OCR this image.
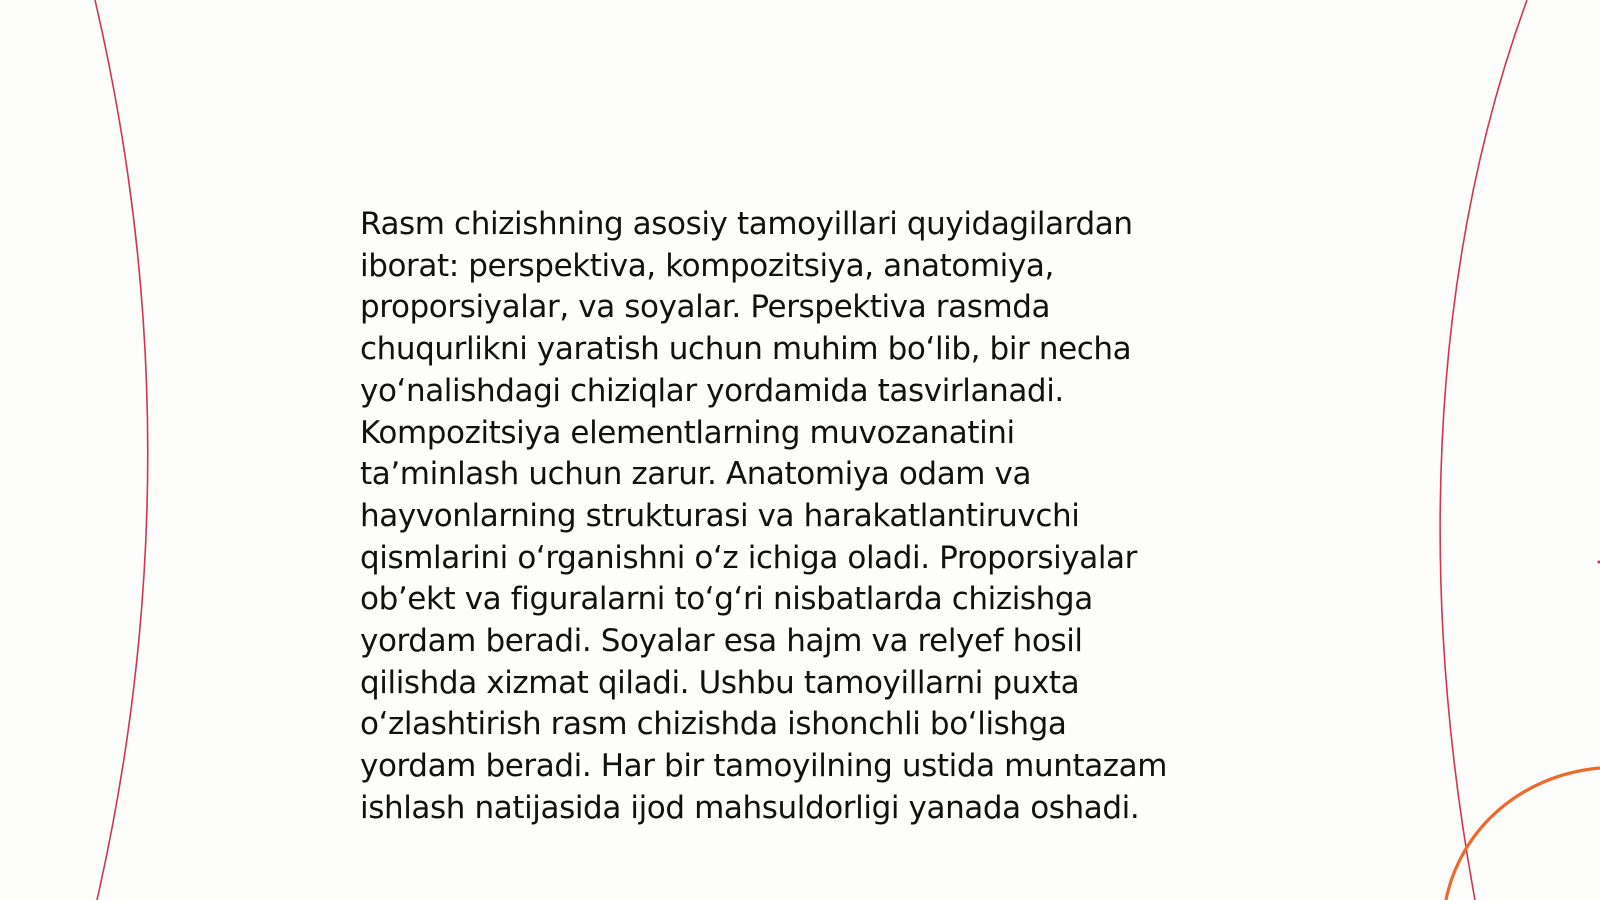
Rasm chizishning asosiy tamoyillari quyidagilardan
iborat: perspektiva, kompozitsiya, anatomiya,
proporsiyalar, va soyalar. Perspektiva rasmda
chuqurlikni yaratish uchun muhim bo‘lib, bir necha
yo‘nalishdagi chiziqlar yordamida tasvirlanadi.
Kompozitsiya elementlarning muvozanatini
ta’minlash uchun zarur. Anatomiya odam va
hayvonlarning strukturasi va harakatlantiruvchi
qismlarini o‘rganishni o‘z ichiga oladi. Proporsiyalar
ob’ekt va figuralarni to‘g‘ri nisbatlarda chizishga
yordam beradi. Soyalar esa hajm va relyef hosil
qilishda xizmat qiladi. Ushbu tamoyillarni puxta
o‘zlashtirish rasm chizishda ishonchli bo‘lishga
yordam beradi. Har bir tamoyilning ustida muntazam
ishlash natijasida ijod mahsuldorligi yanada oshadi.
